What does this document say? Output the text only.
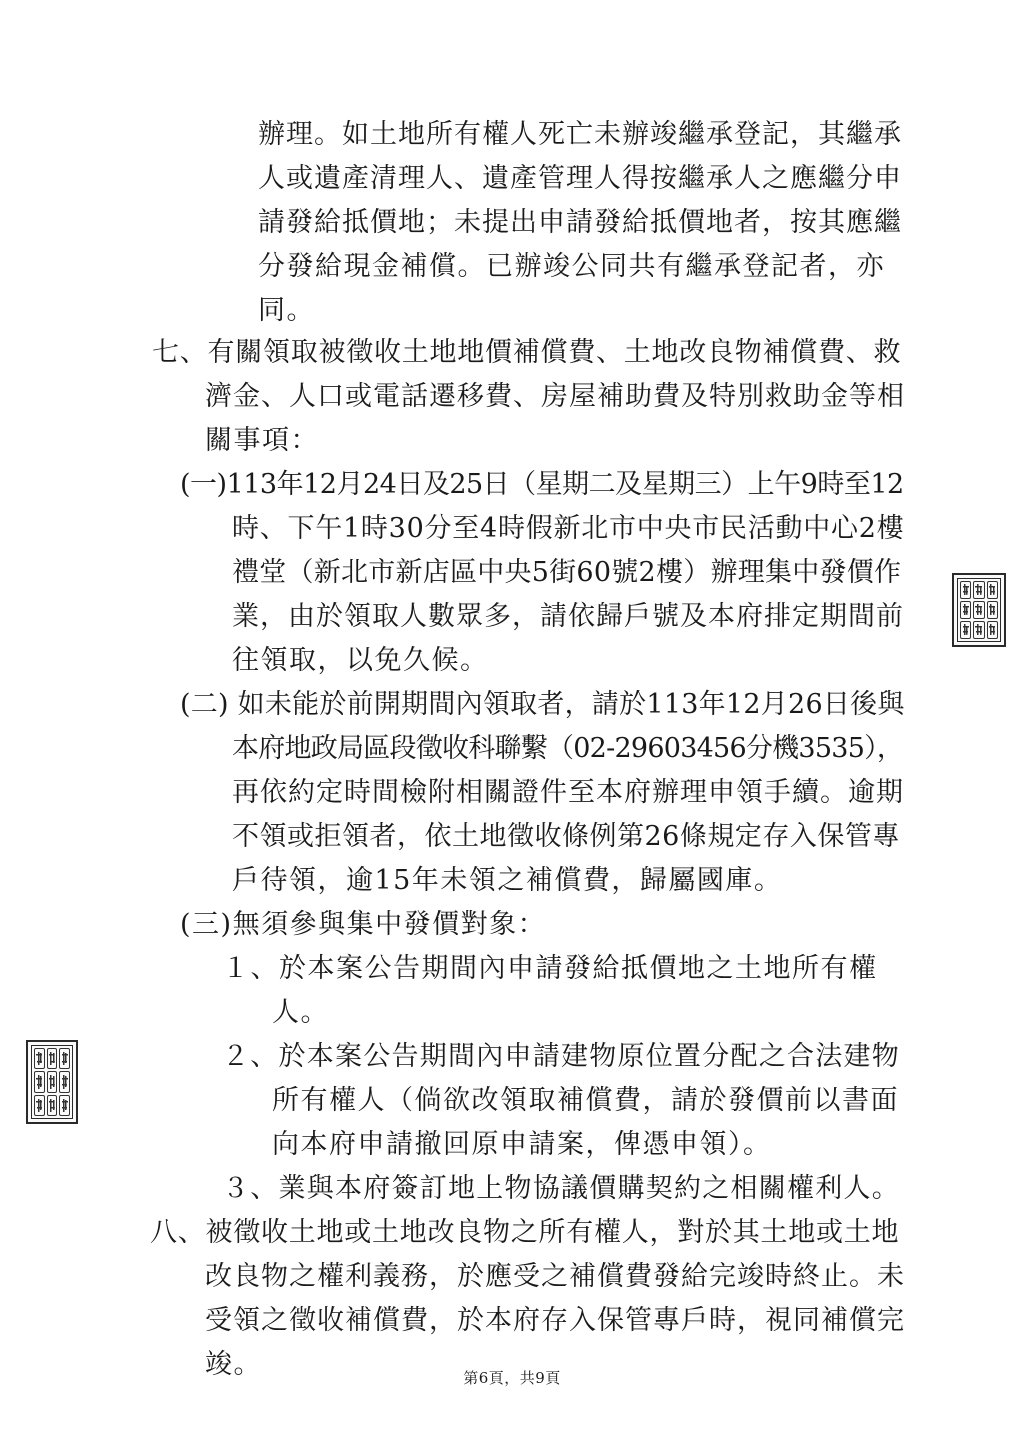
辦理。如土地所有權人死亡未辦竣繼承登記，其繼承
人或遺產清理人、遺產管理人得按繼承人之應繼分申
請發給抵價地；未提出申請發給抵價地者，按其應繼
分發給現金補償。已辦竣公同共有繼承登記者，亦
同。
七、有關領取被徵收土地地價補償費、土地改良物補償費、救
濟金、人口或電話遷移費、房屋補助費及特別救助金等相
關事項：
(一)113年12月24日及25日（星期二及星期三）上午9時至12
時、下午1時30分至4時假新北市中央市民活動中心2樓
禮堂（新北市新店區中央5街60號2樓）辦理集中發價作
業，由於領取人數眾多，請依歸戶號及本府排定期間前
往領取，以免久候。
(二) 如未能於前開期間內領取者，請於113年12月26日後與
本府地政局區段徵收科聯繫（02-29603456分機3535），
再依約定時間檢附相關證件至本府辦理申領手續。逾期
不領或拒領者，依土地徵收條例第26條規定存入保管專
戶待領，逾15年未領之補償費，歸屬國庫。
(三)無須參與集中發價對象：
１、於本案公告期間內申請發給抵價地之土地所有權
人。
２、於本案公告期間內申請建物原位置分配之合法建物
所有權人（倘欲改領取補償費，請於發價前以書面
向本府申請撤回原申請案，俾憑申領）。
３、業與本府簽訂地上物協議價購契約之相關權利人。
八、被徵收土地或土地改良物之所有權人，對於其土地或土地
改良物之權利義務，於應受之補償費發給完竣時終止。未
受領之徵收補償費，於本府存入保管專戶時，視同補償完
竣。	第6頁，共9頁
